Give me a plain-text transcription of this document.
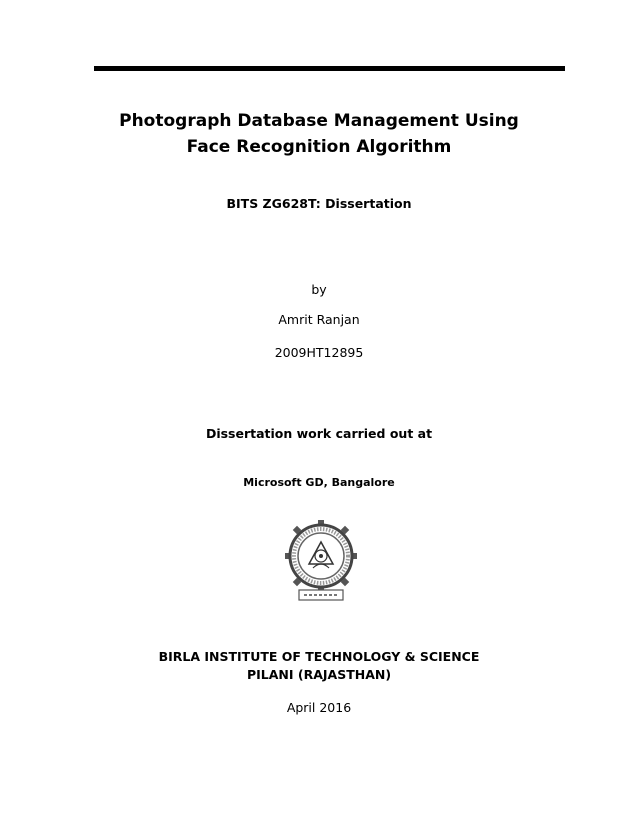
Photograph Database Management Using
Face Recognition Algorithm
BITS ZG628T: Dissertation
by
Amrit Ranjan
2009HT12895
Dissertation work carried out at
Microsoft GD, Bangalore
BIRLA INSTITUTE OF TECHNOLOGY & SCIENCE
PILANI (RAJASTHAN)
April 2016
